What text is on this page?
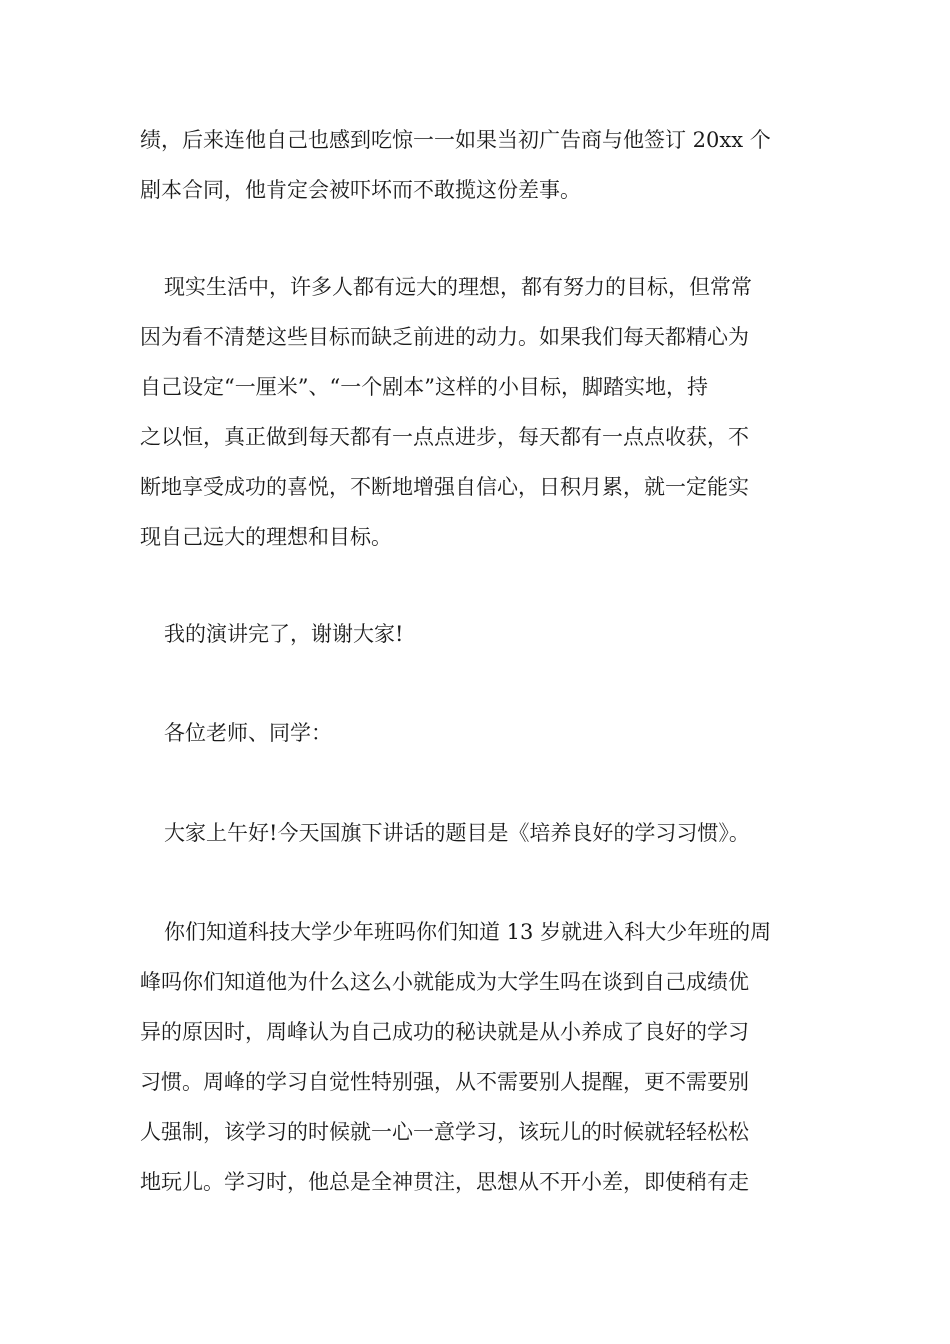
绩，后来连他自己也感到吃惊一一如果当初广告商与他签订 20xx 个
剧本合同，他肯定会被吓坏而不敢揽这份差事。
现实生活中，许多人都有远大的理想，都有努力的目标，但常常
因为看不清楚这些目标而缺乏前进的动力。如果我们每天都精心为
自己设定“一厘米”、“一个剧本”这样的小目标，脚踏实地，持
之以恒，真正做到每天都有一点点进步，每天都有一点点收获，不
断地享受成功的喜悦，不断地增强自信心，日积月累，就一定能实
现自己远大的理想和目标。
我的演讲完了，谢谢大家!
各位老师、同学：
大家上午好!今天国旗下讲话的题目是《培养良好的学习习惯》。
你们知道科技大学少年班吗你们知道 13 岁就进入科大少年班的周
峰吗你们知道他为什么这么小就能成为大学生吗在谈到自己成绩优
异的原因时，周峰认为自己成功的秘诀就是从小养成了良好的学习
习惯。周峰的学习自觉性特别强，从不需要别人提醒，更不需要别
人强制，该学习的时候就一心一意学习，该玩儿的时候就轻轻松松
地玩儿。学习时，他总是全神贯注，思想从不开小差，即使稍有走
